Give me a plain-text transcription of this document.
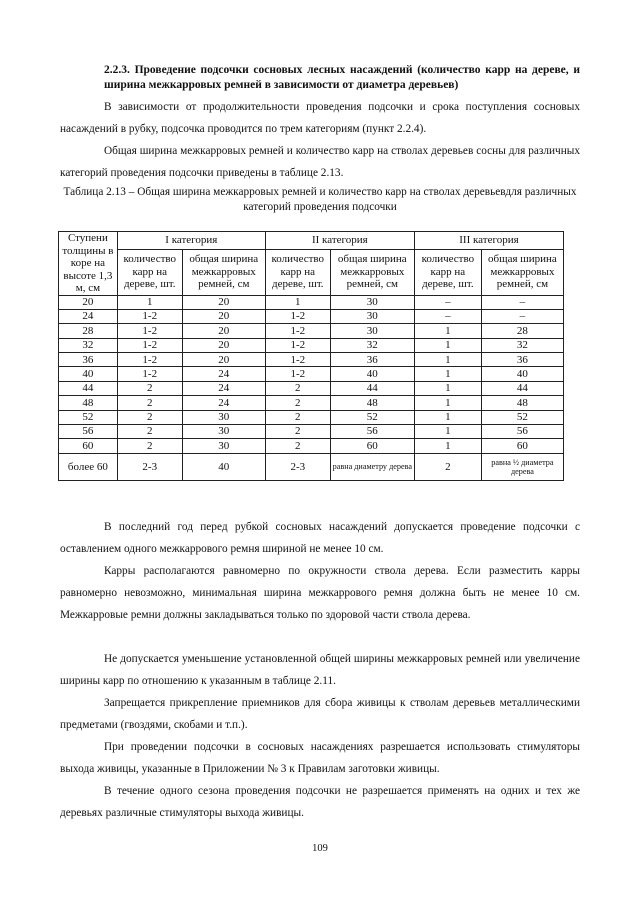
2.2.3. Проведение подсочки сосновых лесных насаждений (количество карр на деревe, и ширина межкарровых ремней в зависимости от диаметра деревьев)

В зависимости от продолжительности проведения подсочки и срока поступления сосновых насаждений в рубку, подсочка проводится по трем категориям (пункт 2.2.4).

Общая ширина межкарровых ремней и количество карр на стволах деревьев сосны для различных категорий проведения подсочки приведены в таблице 2.13.

Таблица 2.13 – Общая ширина межкарровых ремней и количество карр на стволах деревьевдля различных категорий проведения подсочки
Ступени толщины в коре на высоте 1,3 м, см	I категория		II категория		III категория	
	количество карр на дереве, шт.	общая ширина межкарровых ремней, см	количество карр на дереве, шт.	общая ширина межкарровых ремней, см	количество карр на дереве, шт.	общая ширина межкарровых ремней, см
20	1	20	1	30	–	–
24	1-2	20	1-2	30	–	–
28	1-2	20	1-2	30	1	28
32	1-2	20	1-2	32	1	32
36	1-2	20	1-2	36	1	36
40	1-2	24	1-2	40	1	40
44	2	24	2	44	1	44
48	2	24	2	48	1	48
52	2	30	2	52	1	52
56	2	30	2	56	1	56
60	2	30	2	60	1	60
более 60	2-3	40	2-3	равна диаметру дерева	2	равна ½ диаметра дерева

В последний год перед рубкой сосновых насаждений допускается проведение подсочки с оставлением одного межкаррового ремня шириной не менее 10 см.

Карры располагаются равномерно по окружности ствола дерева. Если разместить карры равномерно невозможно, минимальная ширина межкаррового ремня должна быть не менее 10 см. Межкарровые ремни должны закладываться только по здоровой части ствола дерева.

Не допускается уменьшение установленной общей ширины межкарровых ремней или увеличение ширины карр по отношению к указанным в таблице 2.11.

Запрещается прикрепление приемников для сбора живицы к стволам деревьев металлическими предметами (гвоздями, скобами и т.п.).

При проведении подсочки в сосновых насаждениях разрешается использовать стимуляторы выхода живицы, указанные в Приложении № 3 к Правилам заготовки живицы.

В течение одного сезона проведения подсочки не разрешается применять на одних и тех же деревьях различные стимуляторы выхода живицы.

109
